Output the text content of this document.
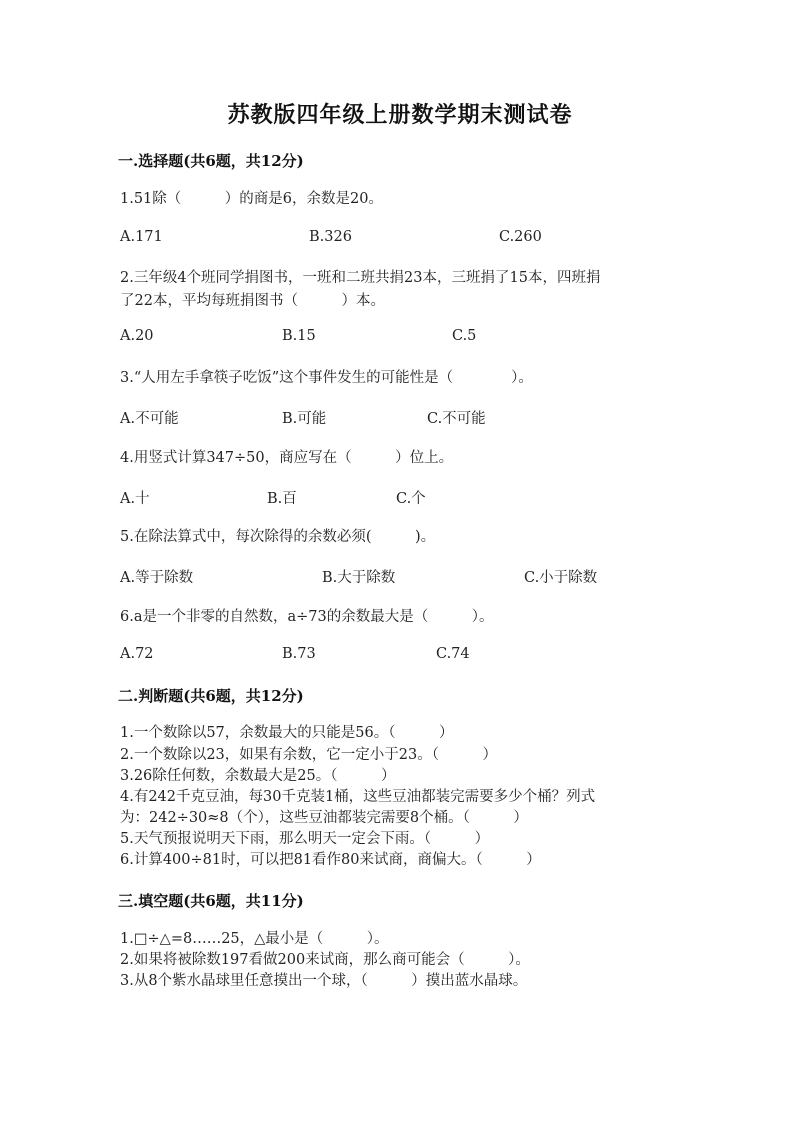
苏教版四年级上册数学期末测试卷
一.选择题(共6题，共12分)
1.51除（　　　）的商是6，余数是20。
A.171	B.326	C.260
2.三年级4个班同学捐图书，一班和二班共捐23本，三班捐了15本，四班捐
了22本，平均每班捐图书（　　　）本。
A.20	B.15	C.5
3.“人用左手拿筷子吃饭”这个事件发生的可能性是（　　　　）。
A.不可能	B.可能	C.不可能
4.用竖式计算347÷50，商应写在（　　　）位上。
A.十	B.百	C.个
5.在除法算式中，每次除得的余数必须(　　　)。
A.等于除数	B.大于除数	C.小于除数
6.a是一个非零的自然数，a÷73的余数最大是（　　　）。
A.72	B.73	C.74
二.判断题(共6题，共12分)
1.一个数除以57，余数最大的只能是56。（　　　）
2.一个数除以23，如果有余数，它一定小于23。（　　　）
3.26除任何数，余数最大是25。（　　　）
4.有242千克豆油，每30千克装1桶，这些豆油都装完需要多少个桶？列式
为：242÷30≈8（个），这些豆油都装完需要8个桶。（　　　）
5.天气预报说明天下雨，那么明天一定会下雨。（　　　）
6.计算400÷81时，可以把81看作80来试商，商偏大。（　　　）
三.填空题(共6题，共11分)
1.□÷△=8……25，△最小是（　　　）。
2.如果将被除数197看做200来试商，那么商可能会（　　　）。
3.从8个紫水晶球里任意摸出一个球，（　　　）摸出蓝水晶球。
